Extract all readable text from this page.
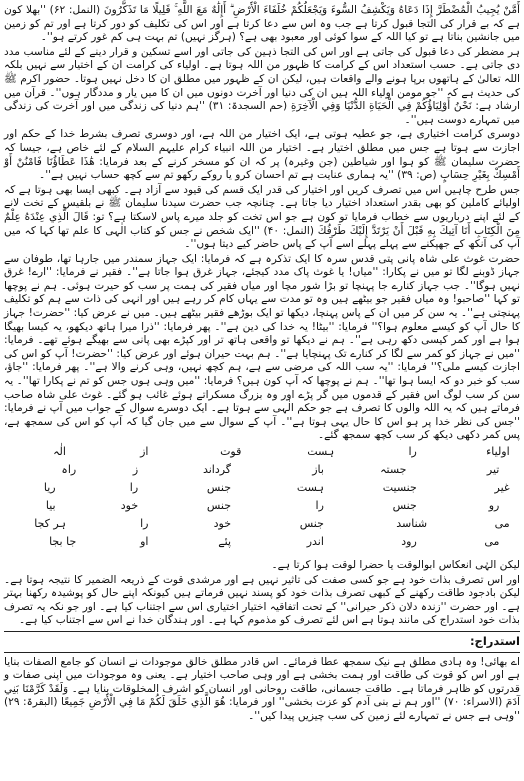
أَمَّنْ يُجِيبُ الْمُضْطَرَّ إِذَا دَعَاهُ وَيَكْشِفُ السُّوءَ وَيَجْعَلُكُمْ خُلَفَاءَ الْأَرْضِ ۗ أَإِلَٰهٌ مَعَ اللَّهِ ۚ قَلِيلًا مَا تَذَكَّرُونَ (النمل: ۶۲) ''بھلا کون ہے کہ بے قرار کی التجا قبول کرتا ہے جب وہ اس سے دعا کرتا ہے اور اس کی تکلیف کو دور کرتا ہے اور تم کو زمین میں جانشین بناتا ہے تو کیا اللہ کے سوا کوئی اور معبود بھی ہے؟ (ہرگز نہیں) تم بہت ہی کم غور کرتے ہو''۔

ہر مضطر کی دعا قبول کی جاتی ہے اور اس کی التجا ذہین کی جاتی اور اسے تسکین و قرار دینے کے لئے مناسب مدد دی جاتی ہے۔ حسب استعداد اس کے کرامت کا ظہور من اللہ ہوتا ہے۔ اولیاء کی کرامت ان کے اختیار سے نہیں بلکہ اللہ تعالیٰ کے ہاتھوں برپا ہونے والے واقعات ہیں، لیکن ان کے ظہور میں مطلق ان کا دخل نہیں ہوتا۔ حضور اکرم ﷺ کی حدیث ہے کہ ''جو مومن اولیاء اللہ ہیں ان کی دنیا اور آخرت دونوں میں ان کا میں یار و مددگار ہوں''۔ قرآن میں ارشاد ہے: نَحْنُ أَوْلِيَاؤُكُمْ فِي الْحَيَاةِ الدُّنْيَا وَفِي الْآخِرَةِ (حم السجدۃ: ۳۱) ''ہم دنیا کی زندگی میں اور آخرت کی زندگی میں تمہارے دوست ہیں''۔

دوسری کرامت اختیاری ہے، جو عطیہ ہوتی ہے، ایک اختیار من اللہ ہے، اور دوسری تصرف بشرط خدا کے حکم اور اجازت سے ہوتا ہے جس میں مطلق اختیار ہے۔ اختیار من اللہ انبیاء کرام علیہم السلام کے لئے خاص ہے، جیسا کہ حضرت سلیمان ﷺ کو ہوا اور شیاطین (جن وغیرہ) پر کہ ان کو مسخر کرنے کے بعد فرمایا: هَٰذَا عَطَاؤُنَا فَامْنُنْ أَوْ أَمْسِكْ بِغَيْرِ حِسَابٍ (ص: ۳۹) ''یہ ہماری عنایت ہے تم احسان کرو یا روکے رکھو تم سے کچھ حساب نہیں ہے''۔

جس طرح چاہیں اس میں تصرف کریں اور اختیار کی قدر ایک قسم کی قیود سے آزاد ہے۔ کبھی ایسا بھی ہوتا ہے کہ اولیائے کاملین کو بھی بقدر استعداد اختیار دیا جاتا ہے۔ چنانچہ جب حضرت سیدنا سلیمان ﷺ نے بلقیس کے تخت لانے کے لئے اپنے درباریوں سے خطاب فرمایا تو کون ہے جو اس تخت کو جلد میرے پاس لاسکتا ہے؟ تو: قَالَ الَّذِي عِنْدَهُ عِلْمٌ مِنَ الْكِتَابِ أَنَا آتِيكَ بِهِ قَبْلَ أَنْ يَرْتَدَّ إِلَيْكَ طَرْفُكَ (النمل: ۴۰) ''ایک شخص نے جس کو کتاب الٰہی کا علم تھا کہا کہ میں آپ کی آنکھ کے جھپکنے سے پہلے پہلے اسے آپ کے پاس حاضر کیے دیتا ہوں''۔

حضرت غوث علی شاہ پانی پتی قدس سرہ کا ایک تذکرہ ہے کہ فرمایا: ایک جہاز سمندر میں جارہا تھا، طوفان سے جہاز ڈوبنے لگا تو میں نے پکارا: ''میاں! یا غوث پاک مدد کیجئے، جہاز غرق ہوا جاتا ہے''۔ فقیر نے فرمایا: ''ارے! غرق نہیں ہوگا''۔ جب جہاز کنارے جا پہنچا تو بڑا شور مچا اور میاں فقیر کی ہمت پر سب کو حیرت ہوئی۔ ہم نے پوچھا تو کہا ''صاحبو! وہ میاں فقیر جو بیٹھے ہیں وہ تو مدت سے یہاں کام کر رہے ہیں اور انہی کی ذات سے ہم کو تکلیف پہنچتی ہے''۔ یہ سن کر میں ان کے پاس پہنچا، دیکھا تو ایک بوڑھے فقیر بیٹھے ہیں۔ میں نے عرض کیا: ''حضرت! جہاز کا حال آپ کو کیسے معلوم ہوا؟'' فرمایا: ''بیٹا! یہ خدا کی دین ہے''۔ پھر فرمایا: ''ذرا میرا ہاتھ دیکھو، یہ کیسا بھیگا ہوا ہے اور کمر کیسی دکھ رہی ہے''۔ ہم نے دیکھا تو واقعی ہاتھ تر اور کپڑے بھی پانی سے بھیگے ہوئے تھے۔ فرمایا: ''میں نے جہاز کو کمر سے لگا کر کنارے تک پہنچایا ہے''۔ ہم بہت حیران ہوئے اور عرض کیا: ''حضرت! آپ کو اس کی اجازت کیسے ملی؟'' فرمایا: ''یہ سب اللہ کی مرضی سے ہے، ہم کچھ نہیں، وہی کرنے والا ہے''۔ پھر فرمایا: ''جاؤ، سب کو خبر دو کہ ایسا ہوا تھا''۔ ہم نے پوچھا کہ آپ کون ہیں؟ فرمایا: ''میں وہی ہوں جس کو تم نے پکارا تھا''۔ یہ سن کر سب لوگ اس فقیر کے قدموں میں گر پڑے اور وہ بزرگ مسکراتے ہوئے غائب ہو گئے۔ غوث علی شاہ صاحب فرماتے ہیں کہ یہ اللہ والوں کا تصرف ہے جو حکم الٰہی سے ہوتا ہے۔ ایک دوسرے سوال کے جواب میں آپ نے فرمایا: ''جس کی نظر خدا پر ہو اس کا حال یہی ہوتا ہے''۔ آپ کے سوال سے میں جان گیا کہ آپ کو اس کی سمجھ ہے، پس کمر دکھی دیکھ کر سب کچھ سمجھ گئے۔

اولیاء
را
ہست
قوت
از
الٰہ
تیر
جستہ
باز
گرداند
ز
راہ
غیر
جنسیت
ہست
جنس
را
ریا
رو
جنس
را
جنس
خود
بیا
می
شناسد
جنس
خود
را
ہر کجا
می
رود
اندر
پئے
او
جا بجا

لیکن الہٰی انعکاس ابوالوقت یا حضرا لوقت ہوا کرتا ہے۔

اور اس تصرف بذات خود ہے جو کسی صفت کی تاثیر نہیں ہے اور مرشدی قوت کے ذریعہ الضمیر کا نتیجہ ہوتا ہے۔ لیکن بادجود طاقت رکھنے کے کبھی تصرف بذات خود کو پسند نہیں فرماتے ہیں کیونکہ اپنے حال کو پوشیدہ رکھنا بہتر ہے۔ اور حضرت ''زندہ دلان ذکر حیرانی'' کے تحت اتفاقیہ اختیار اختیاری اس سے اجتناب کیا ہے۔ اور جو نکہ یہ تصرف بذات خود استدراج کی مانند ہوتا ہے اس لئے تصرف کو مذموم کہا ہے۔ اور ہندگان خدا نے اس سے اجتناب کیا ہے۔

استدراج:

اے بھائی! وہ ہادی مطلق ہے نیک سمجھ عطا فرمائے۔ اس قادر مطلق خالق موجودات نے انسان کو جامع الصفات بنایا ہے اور اس کو قوت کی طاقت اور ہمت بخشی ہے اور وہی صاحب اختیار ہے۔ یعنی وہ موجودات میں اپنی صفات و قدرتوں کو ظاہر فرماتا ہے۔ طاقت جسمانی، طاقت روحانی اور انسان کو اشرف المخلوقات بنایا ہے۔ وَلَقَدْ كَرَّمْنَا بَنِي آدَمَ (الاسراء: ۷۰) ''اور ہم نے بنی آدم کو عزت بخشی'' اور فرمایا: هُوَ الَّذِي خَلَقَ لَكُمْ مَا فِي الْأَرْضِ جَمِيعًا (البقرۃ: ۲۹) ''وہی ہے جس نے تمہارے لئے زمین کی سب چیزیں پیدا کیں''۔
